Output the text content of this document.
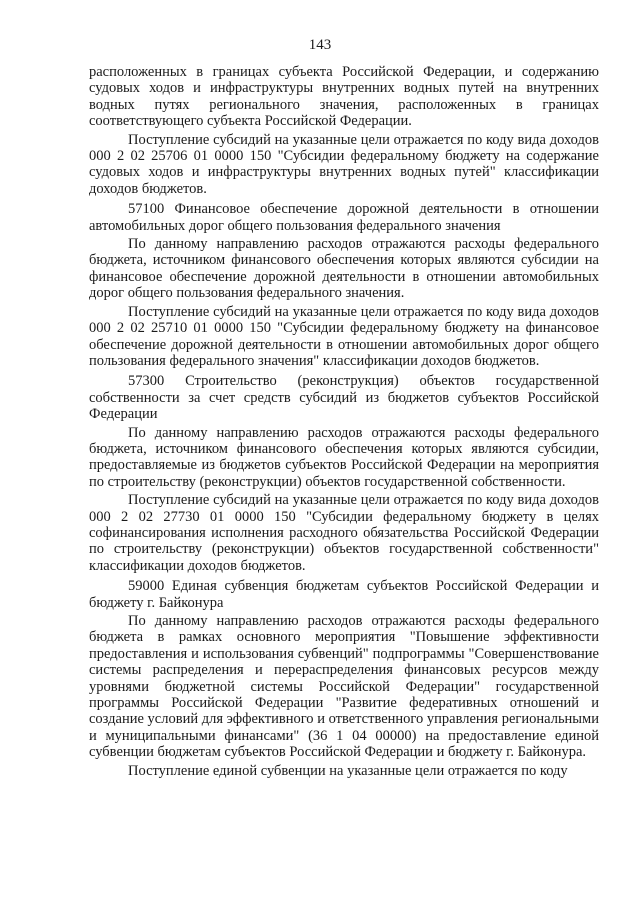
143

расположенных в границах субъекта Российской Федерации, и содержанию судовых ходов и инфраструктуры внутренних водных путей на внутренних водных путях регионального значения, расположенных в границах соответствующего субъекта Российской Федерации.

Поступление субсидий на указанные цели отражается по коду вида доходов 000 2 02 25706 01 0000 150 "Субсидии федеральному бюджету на содержание судовых ходов и инфраструктуры внутренних водных путей" классификации доходов бюджетов.

57100 Финансовое обеспечение дорожной деятельности в отношении автомобильных дорог общего пользования федерального значения

По данному направлению расходов отражаются расходы федерального бюджета, источником финансового обеспечения которых являются субсидии на финансовое обеспечение дорожной деятельности в отношении автомобильных дорог общего пользования федерального значения.

Поступление субсидий на указанные цели отражается по коду вида доходов 000 2 02 25710 01 0000 150 "Субсидии федеральному бюджету на финансовое обеспечение дорожной деятельности в отношении автомобильных дорог общего пользования федерального значения" классификации доходов бюджетов.

57300 Строительство (реконструкция) объектов государственной собственности за счет средств субсидий из бюджетов субъектов Российской Федерации

По данному направлению расходов отражаются расходы федерального бюджета, источником финансового обеспечения которых являются субсидии, предоставляемые из бюджетов субъектов Российской Федерации на мероприятия по строительству (реконструкции) объектов государственной собственности.

Поступление субсидий на указанные цели отражается по коду вида доходов 000 2 02 27730 01 0000 150 "Субсидии федеральному бюджету в целях софинансирования исполнения расходного обязательства Российской Федерации по строительству (реконструкции) объектов государственной собственности" классификации доходов бюджетов.

59000 Единая субвенция бюджетам субъектов Российской Федерации и бюджету г. Байконура

По данному направлению расходов отражаются расходы федерального бюджета в рамках основного мероприятия "Повышение эффективности предоставления и использования субвенций" подпрограммы "Совершенствование системы распределения и перераспределения финансовых ресурсов между уровнями бюджетной системы Российской Федерации" государственной программы Российской Федерации "Развитие федеративных отношений и создание условий для эффективного и ответственного управления региональными и муниципальными финансами" (36 1 04 00000) на предоставление единой субвенции бюджетам субъектов Российской Федерации и бюджету г. Байконура.

Поступление единой субвенции на указанные цели отражается по коду
